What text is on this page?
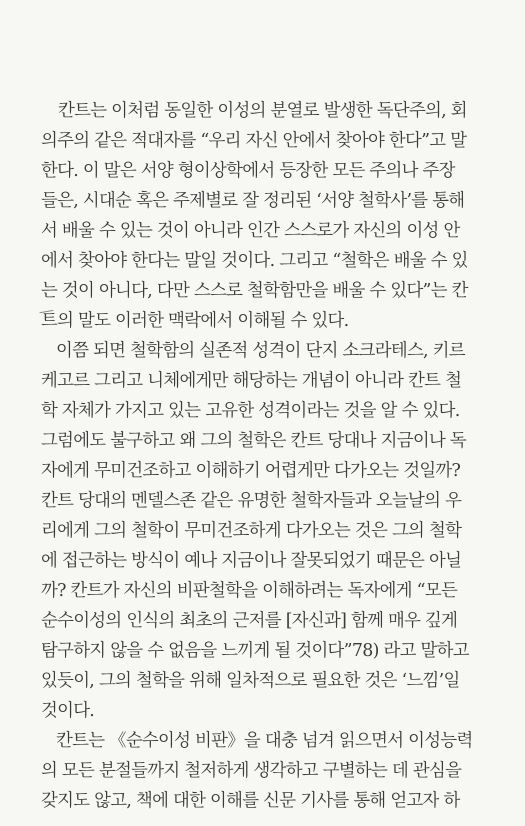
칸트는 이처럼 동일한 이성의 분열로 발생한 독단주의, 회
의주의 같은 적대자를 “우리 자신 안에서 찾아야 한다”고 말
한다. 이 말은 서양 형이상학에서 등장한 모든 주의나 주장
들은, 시대순 혹은 주제별로 잘 정리된 ‘서양 철학사’를 통해
서 배울 수 있는 것이 아니라 인간 스스로가 자신의 이성 안
에서 찾아야 한다는 말일 것이다. 그리고 “철학은 배울 수 있
는 것이 아니다, 다만 스스로 철학함만을 배울 수 있다”는 칸
트의 말도 이러한 맥락에서 이해될 수 있다.
이쯤 되면 철학함의 실존적 성격이 단지 소크라테스, 키르
케고르 그리고 니체에게만 해당하는 개념이 아니라 칸트 철
학 자체가 가지고 있는 고유한 성격이라는 것을 알 수 있다.
그럼에도 불구하고 왜 그의 철학은 칸트 당대나 지금이나 독
자에게 무미건조하고 이해하기 어렵게만 다가오는 것일까?
칸트 당대의 멘델스존 같은 유명한 철학자들과 오늘날의 우
리에게 그의 철학이 무미건조하게 다가오는 것은 그의 철학
에 접근하는 방식이 예나 지금이나 잘못되었기 때문은 아닐
까? 칸트가 자신의 비판철학을 이해하려는 독자에게 “모든
순수이성의 인식의 최초의 근저를 [자신과] 함께 매우 깊게
탐구하지 않을 수 없음을 느끼게 될 것이다”78) 라고 말하고
있듯이, 그의 철학을 위해 일차적으로 필요한 것은 ‘느낌’일
것이다.
칸트는 《순수이성 비판》을 대충 넘겨 읽으면서 이성능력
의 모든 분절들까지 철저하게 생각하고 구별하는 데 관심을
갖지도 않고, 책에 대한 이해를 신문 기사를 통해 얻고자 하
